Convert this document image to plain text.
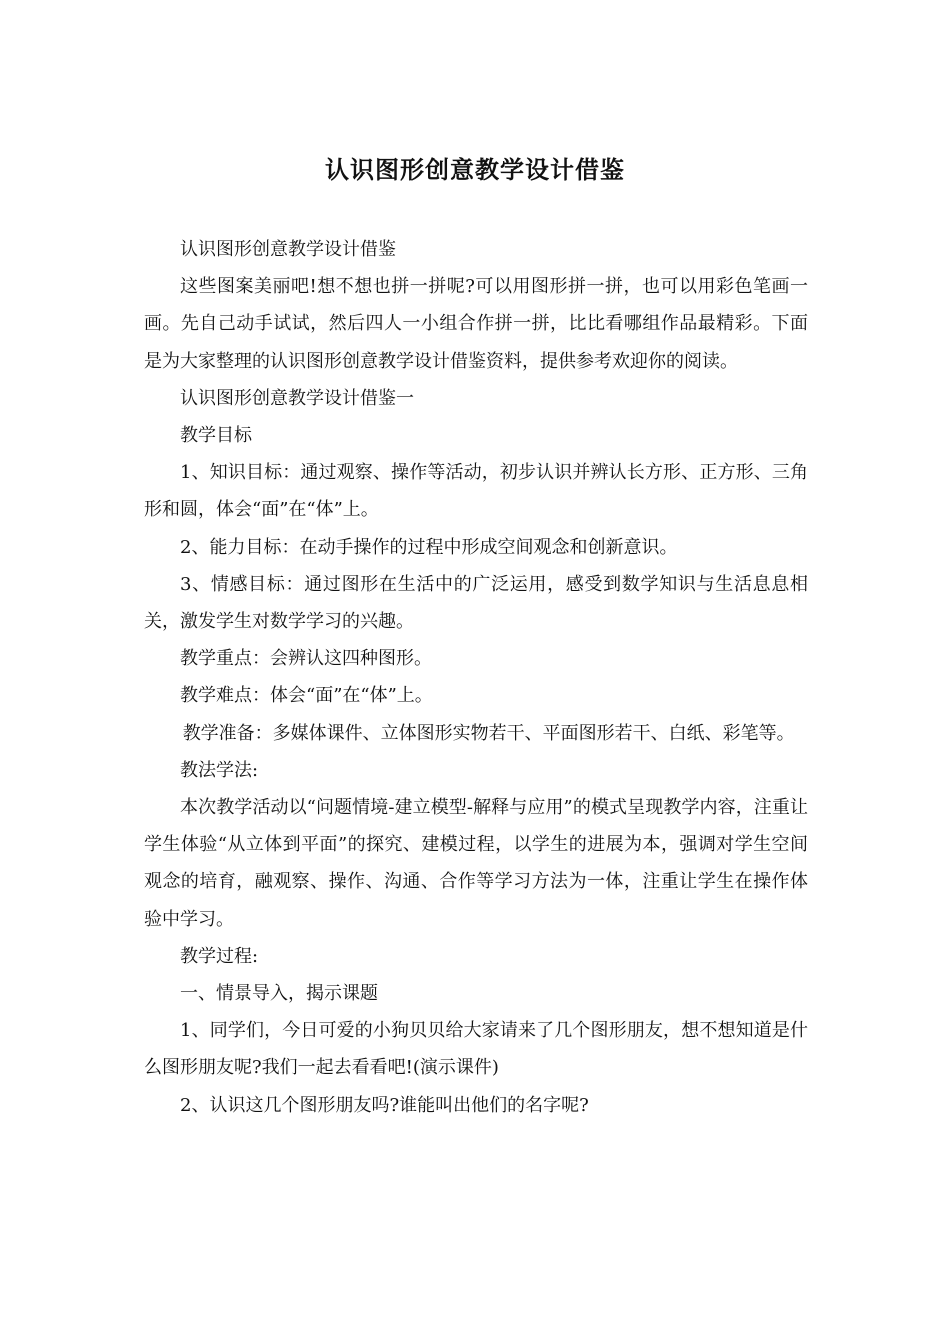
认识图形创意教学设计借鉴

认识图形创意教学设计借鉴

这些图案美丽吧!想不想也拼一拼呢?可以用图形拼一拼，也可以用彩色笔画一画。先自己动手试试，然后四人一小组合作拼一拼，比比看哪组作品最精彩。下面是为大家整理的认识图形创意教学设计借鉴资料，提供参考欢迎你的阅读。

认识图形创意教学设计借鉴一

教学目标

1、知识目标：通过观察、操作等活动，初步认识并辨认长方形、正方形、三角形和圆，体会“面”在“体”上。

2、能力目标：在动手操作的过程中形成空间观念和创新意识。

3、情感目标：通过图形在生活中的广泛运用，感受到数学知识与生活息息相关，激发学生对数学学习的兴趣。

教学重点：会辨认这四种图形。

教学难点：体会“面”在“体”上。

教学准备：多媒体课件、立体图形实物若干、平面图形若干、白纸、彩笔等。

教法学法:

本次教学活动以“问题情境-建立模型-解释与应用”的模式呈现教学内容，注重让学生体验“从立体到平面”的探究、建模过程，以学生的进展为本，强调对学生空间观念的培育，融观察、操作、沟通、合作等学习方法为一体，注重让学生在操作体验中学习。

教学过程:

一、情景导入，揭示课题

1、同学们，今日可爱的小狗贝贝给大家请来了几个图形朋友，想不想知道是什么图形朋友呢?我们一起去看看吧!(演示课件)

2、认识这几个图形朋友吗?谁能叫出他们的名字呢?
